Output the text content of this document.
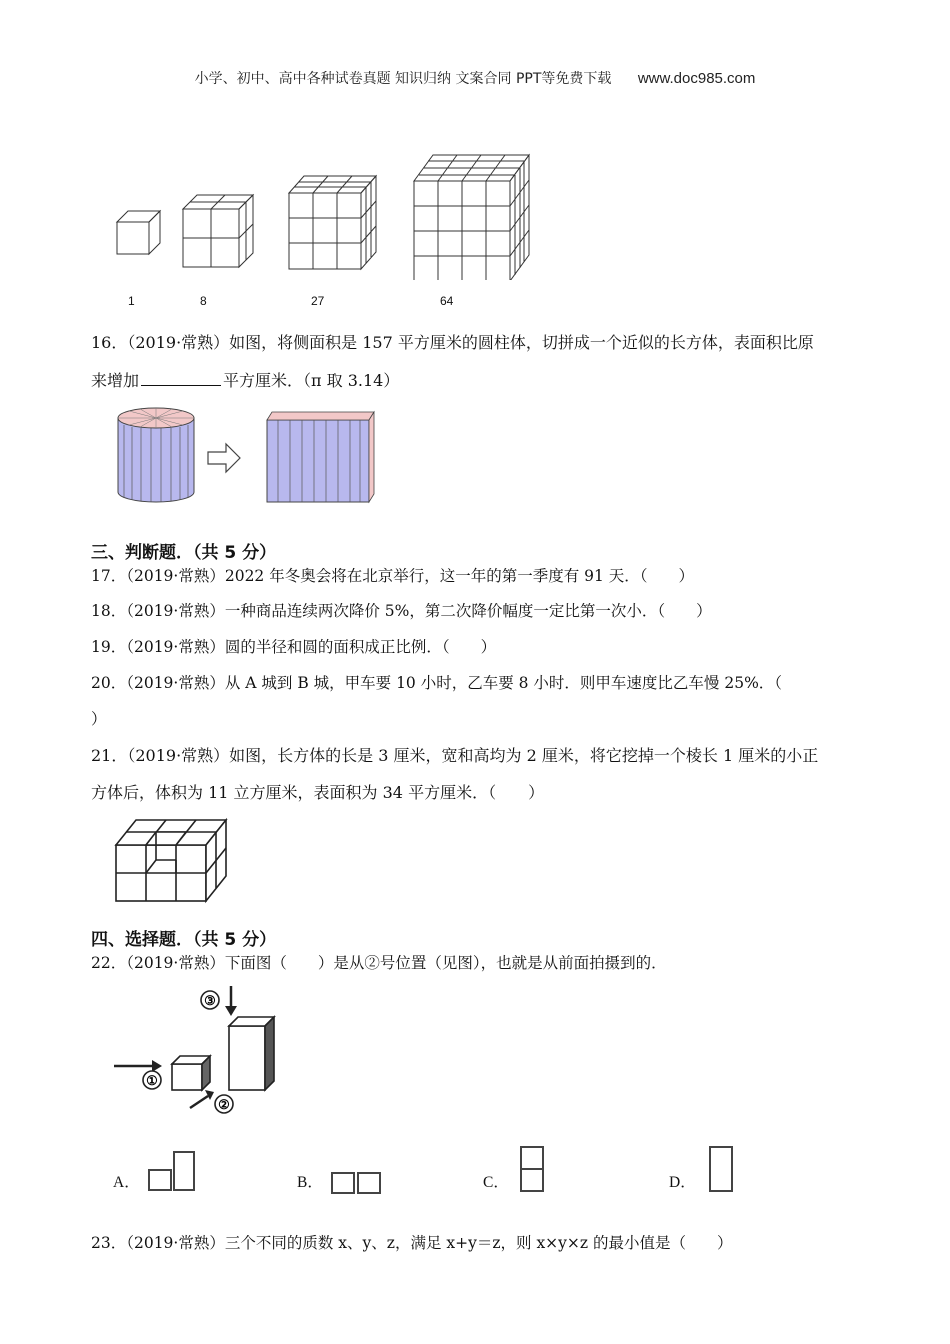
小学、初中、高中各种试卷真题 知识归纳 文案合同 PPT等免费下载 www.doc985.com
1	8	27	64
16．（2019·常熟）如图，将侧面积是 157 平方厘米的圆柱体，切拼成一个近似的长方体，表面积比原
来增加	平方厘米．（π 取 3.14）
三、判断题．（共 5 分）
17．（2019·常熟）2022 年冬奥会将在北京举行，这一年的第一季度有 91 天．（　　）
18．（2019·常熟）一种商品连续两次降价 5%，第二次降价幅度一定比第一次小．（　　）
19．（2019·常熟）圆的半径和圆的面积成正比例．（　　）
20．（2019·常熟）从 A 城到 B 城，甲车要 10 小时，乙车要 8 小时．则甲车速度比乙车慢 25%．（
）
21．（2019·常熟）如图，长方体的长是 3 厘米，宽和高均为 2 厘米，将它挖掉一个棱长 1 厘米的小正
方体后，体积为 11 立方厘米，表面积为 34 平方厘米．（　　）
四、选择题．（共 5 分）
22．（2019·常熟）下面图（　　）是从②号位置（见图），也就是从前面拍摄到的．
①
②
③
A．	B．	C．	D．
23．（2019·常熟）三个不同的质数 x、y、z，满足 x+y＝z，则 x×y×z 的最小值是（　　）
